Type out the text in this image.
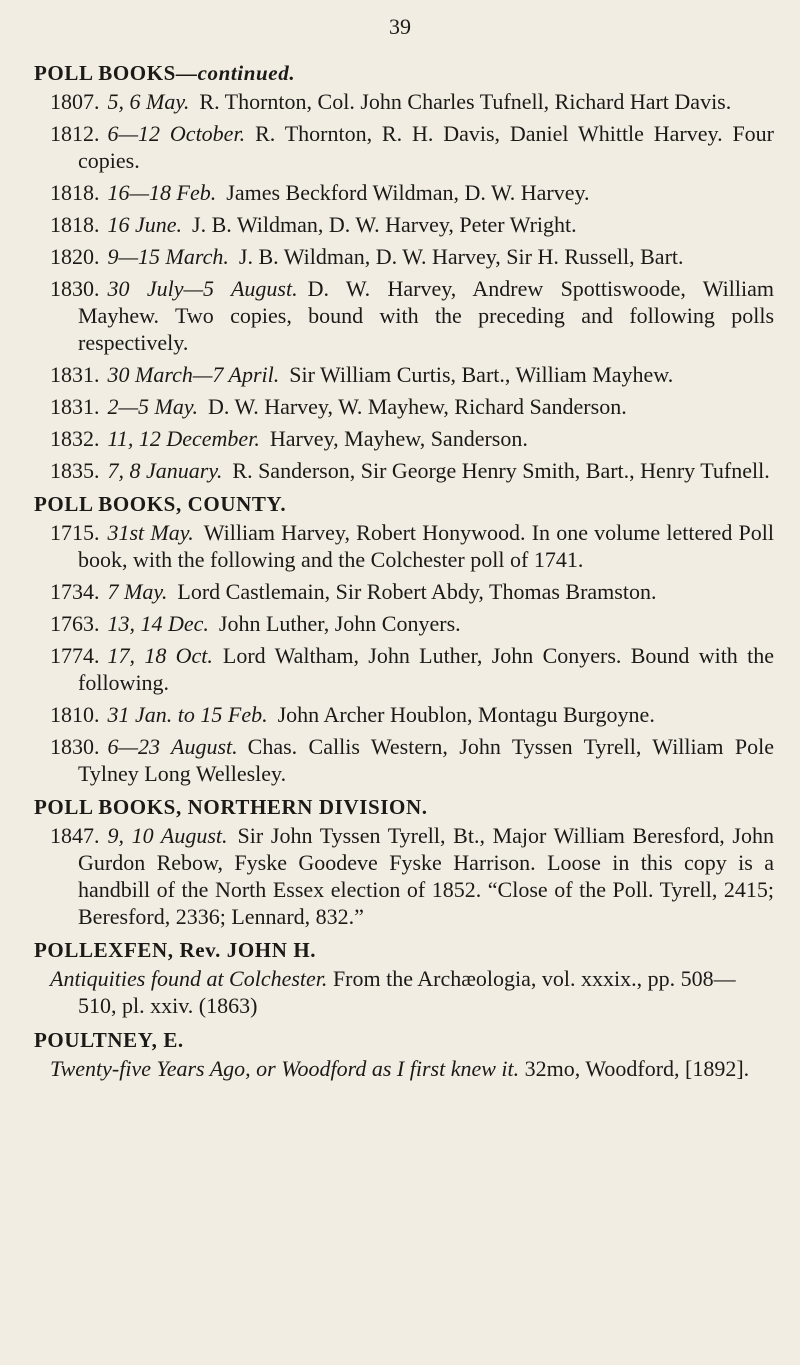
39
POLL BOOKS—continued.
1807. 5, 6 May. R. Thornton, Col. John Charles Tufnell, Richard Hart Davis.
1812. 6—12 October. R. Thornton, R. H. Davis, Daniel Whittle Harvey. Four copies.
1818. 16—18 Feb. James Beckford Wildman, D. W. Harvey.
1818. 16 June. J. B. Wildman, D. W. Harvey, Peter Wright.
1820. 9—15 March. J. B. Wildman, D. W. Harvey, Sir H. Russell, Bart.
1830. 30 July—5 August. D. W. Harvey, Andrew Spottiswoode, William Mayhew. Two copies, bound with the preceding and following polls respectively.
1831. 30 March—7 April. Sir William Curtis, Bart., William Mayhew.
1831. 2—5 May. D. W. Harvey, W. Mayhew, Richard Sanderson.
1832. 11, 12 December. Harvey, Mayhew, Sanderson.
1835. 7, 8 January. R. Sanderson, Sir George Henry Smith, Bart., Henry Tufnell.
POLL BOOKS, COUNTY.
1715. 31st May. William Harvey, Robert Honywood. In one volume lettered Poll book, with the following and the Colchester poll of 1741.
1734. 7 May. Lord Castlemain, Sir Robert Abdy, Thomas Bramston.
1763. 13, 14 Dec. John Luther, John Conyers.
1774. 17, 18 Oct. Lord Waltham, John Luther, John Conyers. Bound with the following.
1810. 31 Jan. to 15 Feb. John Archer Houblon, Montagu Burgoyne.
1830. 6—23 August. Chas. Callis Western, John Tyssen Tyrell, William Pole Tylney Long Wellesley.
POLL BOOKS, NORTHERN DIVISION.
1847. 9, 10 August. Sir John Tyssen Tyrell, Bt., Major William Beresford, John Gurdon Rebow, Fyske Goodeve Fyske Harrison. Loose in this copy is a handbill of the North Essex election of 1852. “Close of the Poll. Tyrell, 2415; Beresford, 2336; Lennard, 832.”
POLLEXFEN, Rev. JOHN H.
Antiquities found at Colchester. From the Archæologia, vol. xxxix., pp. 508—510, pl. xxiv. (1863)
POULTNEY, E.
Twenty-five Years Ago, or Woodford as I first knew it. 32mo, Woodford, [1892].
